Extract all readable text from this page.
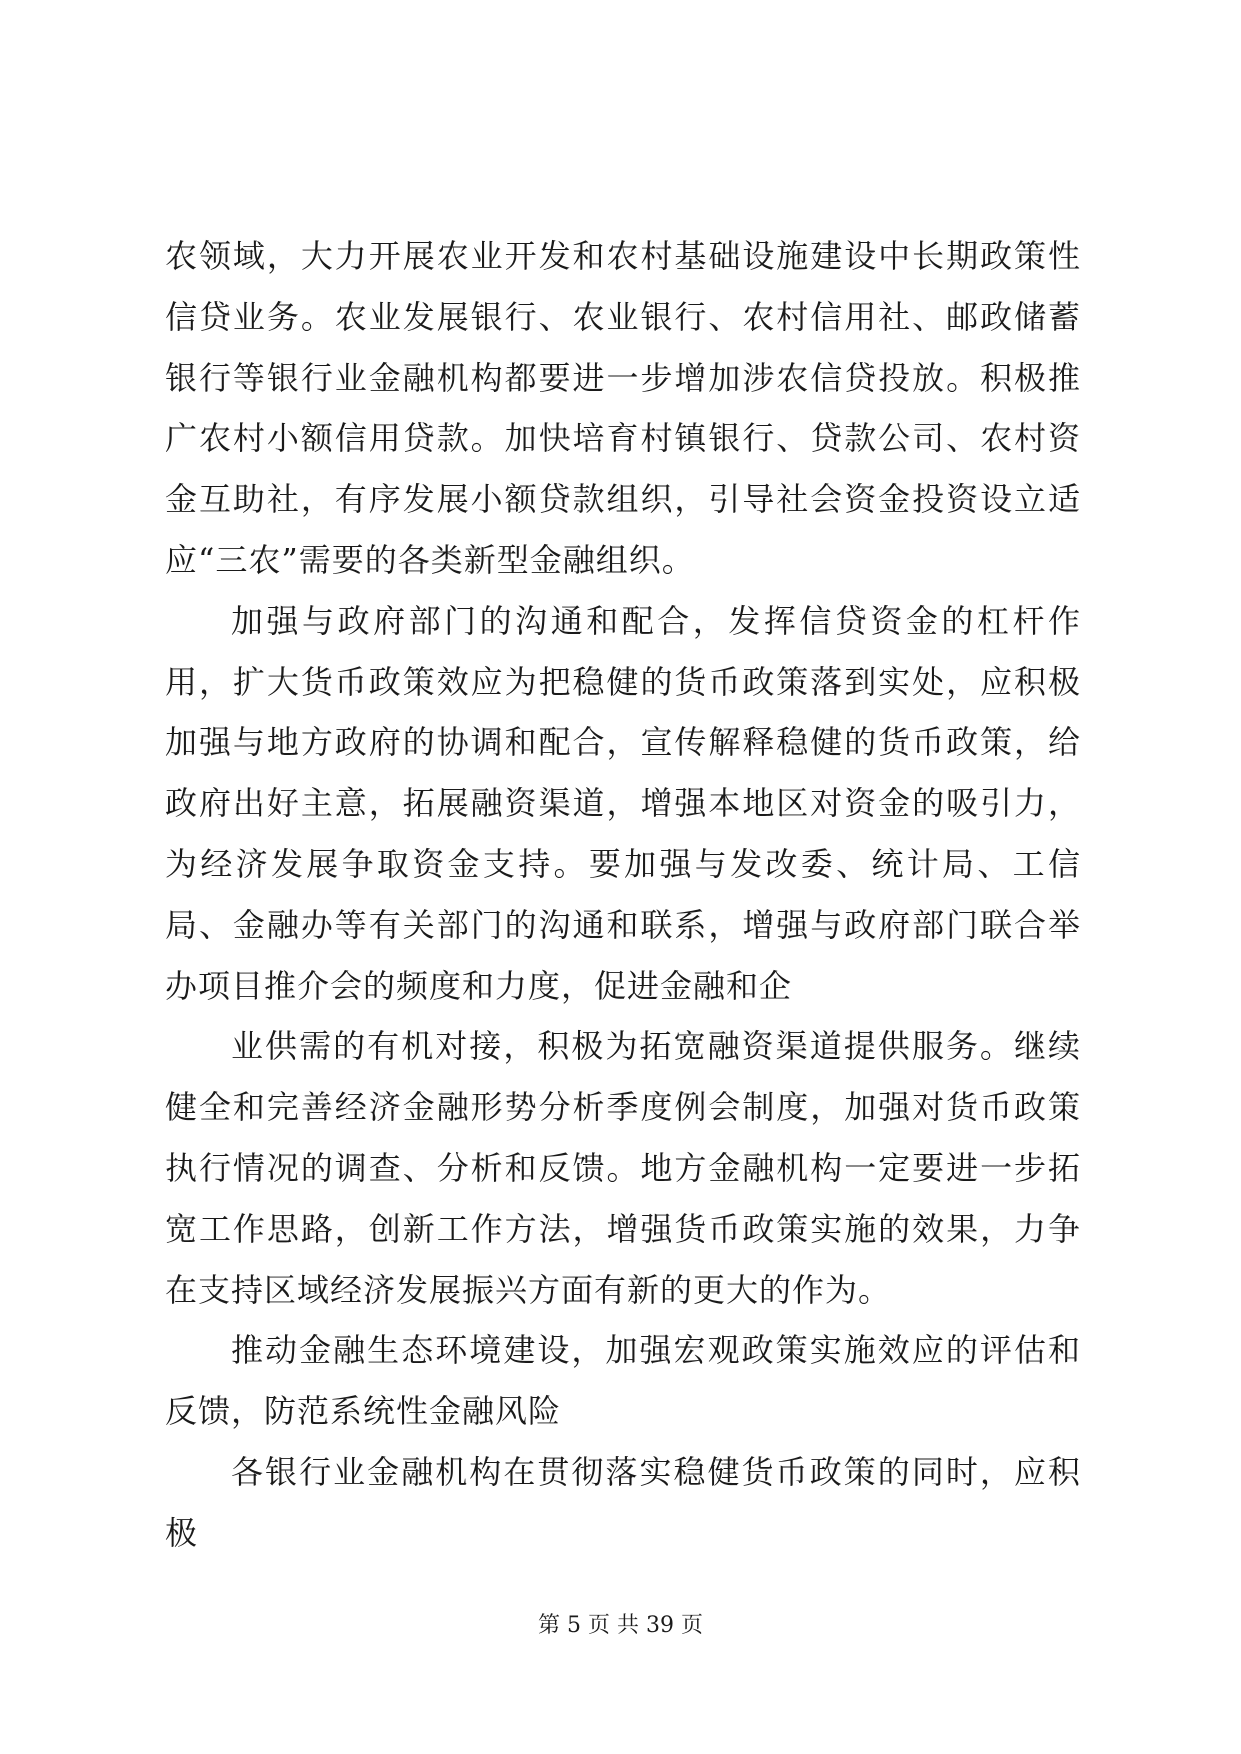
农领域，大力开展农业开发和农村基础设施建设中长期政策性信贷业务。农业发展银行、农业银行、农村信用社、邮政储蓄银行等银行业金融机构都要进一步增加涉农信贷投放。积极推广农村小额信用贷款。加快培育村镇银行、贷款公司、农村资金互助社，有序发展小额贷款组织，引导社会资金投资设立适应“三农”需要的各类新型金融组织。

加强与政府部门的沟通和配合，发挥信贷资金的杠杆作用，扩大货币政策效应为把稳健的货币政策落到实处，应积极加强与地方政府的协调和配合，宣传解释稳健的货币政策，给政府出好主意，拓展融资渠道，增强本地区对资金的吸引力，为经济发展争取资金支持。要加强与发改委、统计局、工信局、金融办等有关部门的沟通和联系，增强与政府部门联合举办项目推介会的频度和力度，促进金融和企

业供需的有机对接，积极为拓宽融资渠道提供服务。继续健全和完善经济金融形势分析季度例会制度，加强对货币政策执行情况的调查、分析和反馈。地方金融机构一定要进一步拓宽工作思路，创新工作方法，增强货币政策实施的效果，力争在支持区域经济发展振兴方面有新的更大的作为。

推动金融生态环境建设，加强宏观政策实施效应的评估和反馈，防范系统性金融风险

各银行业金融机构在贯彻落实稳健货币政策的同时，应积极

第 5 页 共 39 页
